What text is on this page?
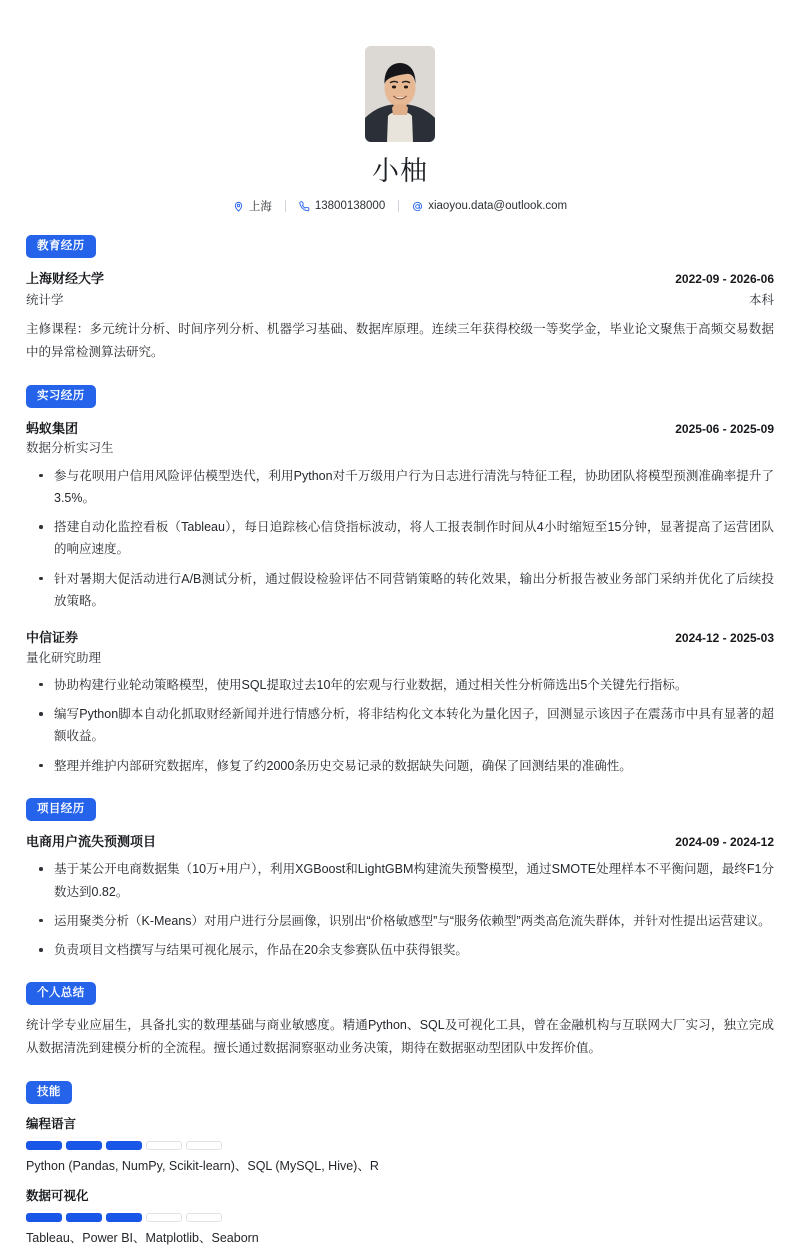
小柚
上海	13800138000	xiaoyou.data@outlook.com
教育经历
上海财经大学	2022-09 - 2026-06
统计学	本科
主修课程：多元统计分析、时间序列分析、机器学习基础、数据库原理。连续三年获得校级一等奖学金，毕业论文聚焦于高频交易数据中的异常检测算法研究。
实习经历
蚂蚁集团	2025-06 - 2025-09
数据分析实习生
参与花呗用户信用风险评估模型迭代，利用Python对千万级用户行为日志进行清洗与特征工程，协助团队将模型预测准确率提升了3.5%。
搭建自动化监控看板（Tableau），每日追踪核心信贷指标波动，将人工报表制作时间从4小时缩短至15分钟，显著提高了运营团队的响应速度。
针对暑期大促活动进行A/B测试分析，通过假设检验评估不同营销策略的转化效果，输出分析报告被业务部门采纳并优化了后续投放策略。
中信证券	2024-12 - 2025-03
量化研究助理
协助构建行业轮动策略模型，使用SQL提取过去10年的宏观与行业数据，通过相关性分析筛选出5个关键先行指标。
编写Python脚本自动化抓取财经新闻并进行情感分析，将非结构化文本转化为量化因子，回测显示该因子在震荡市中具有显著的超额收益。
整理并维护内部研究数据库，修复了约2000条历史交易记录的数据缺失问题，确保了回测结果的准确性。
项目经历
电商用户流失预测项目	2024-09 - 2024-12
基于某公开电商数据集（10万+用户），利用XGBoost和LightGBM构建流失预警模型，通过SMOTE处理样本不平衡问题，最终F1分数达到0.82。
运用聚类分析（K-Means）对用户进行分层画像，识别出“价格敏感型”与“服务依赖型”两类高危流失群体，并针对性提出运营建议。
负责项目文档撰写与结果可视化展示，作品在20余支参赛队伍中获得银奖。
个人总结
统计学专业应届生，具备扎实的数理基础与商业敏感度。精通Python、SQL及可视化工具，曾在金融机构与互联网大厂实习，独立完成从数据清洗到建模分析的全流程。擅长通过数据洞察驱动业务决策，期待在数据驱动型团队中发挥价值。
技能
编程语言
Python (Pandas, NumPy, Scikit-learn)、SQL (MySQL, Hive)、R
数据可视化
Tableau、Power BI、Matplotlib、Seaborn
